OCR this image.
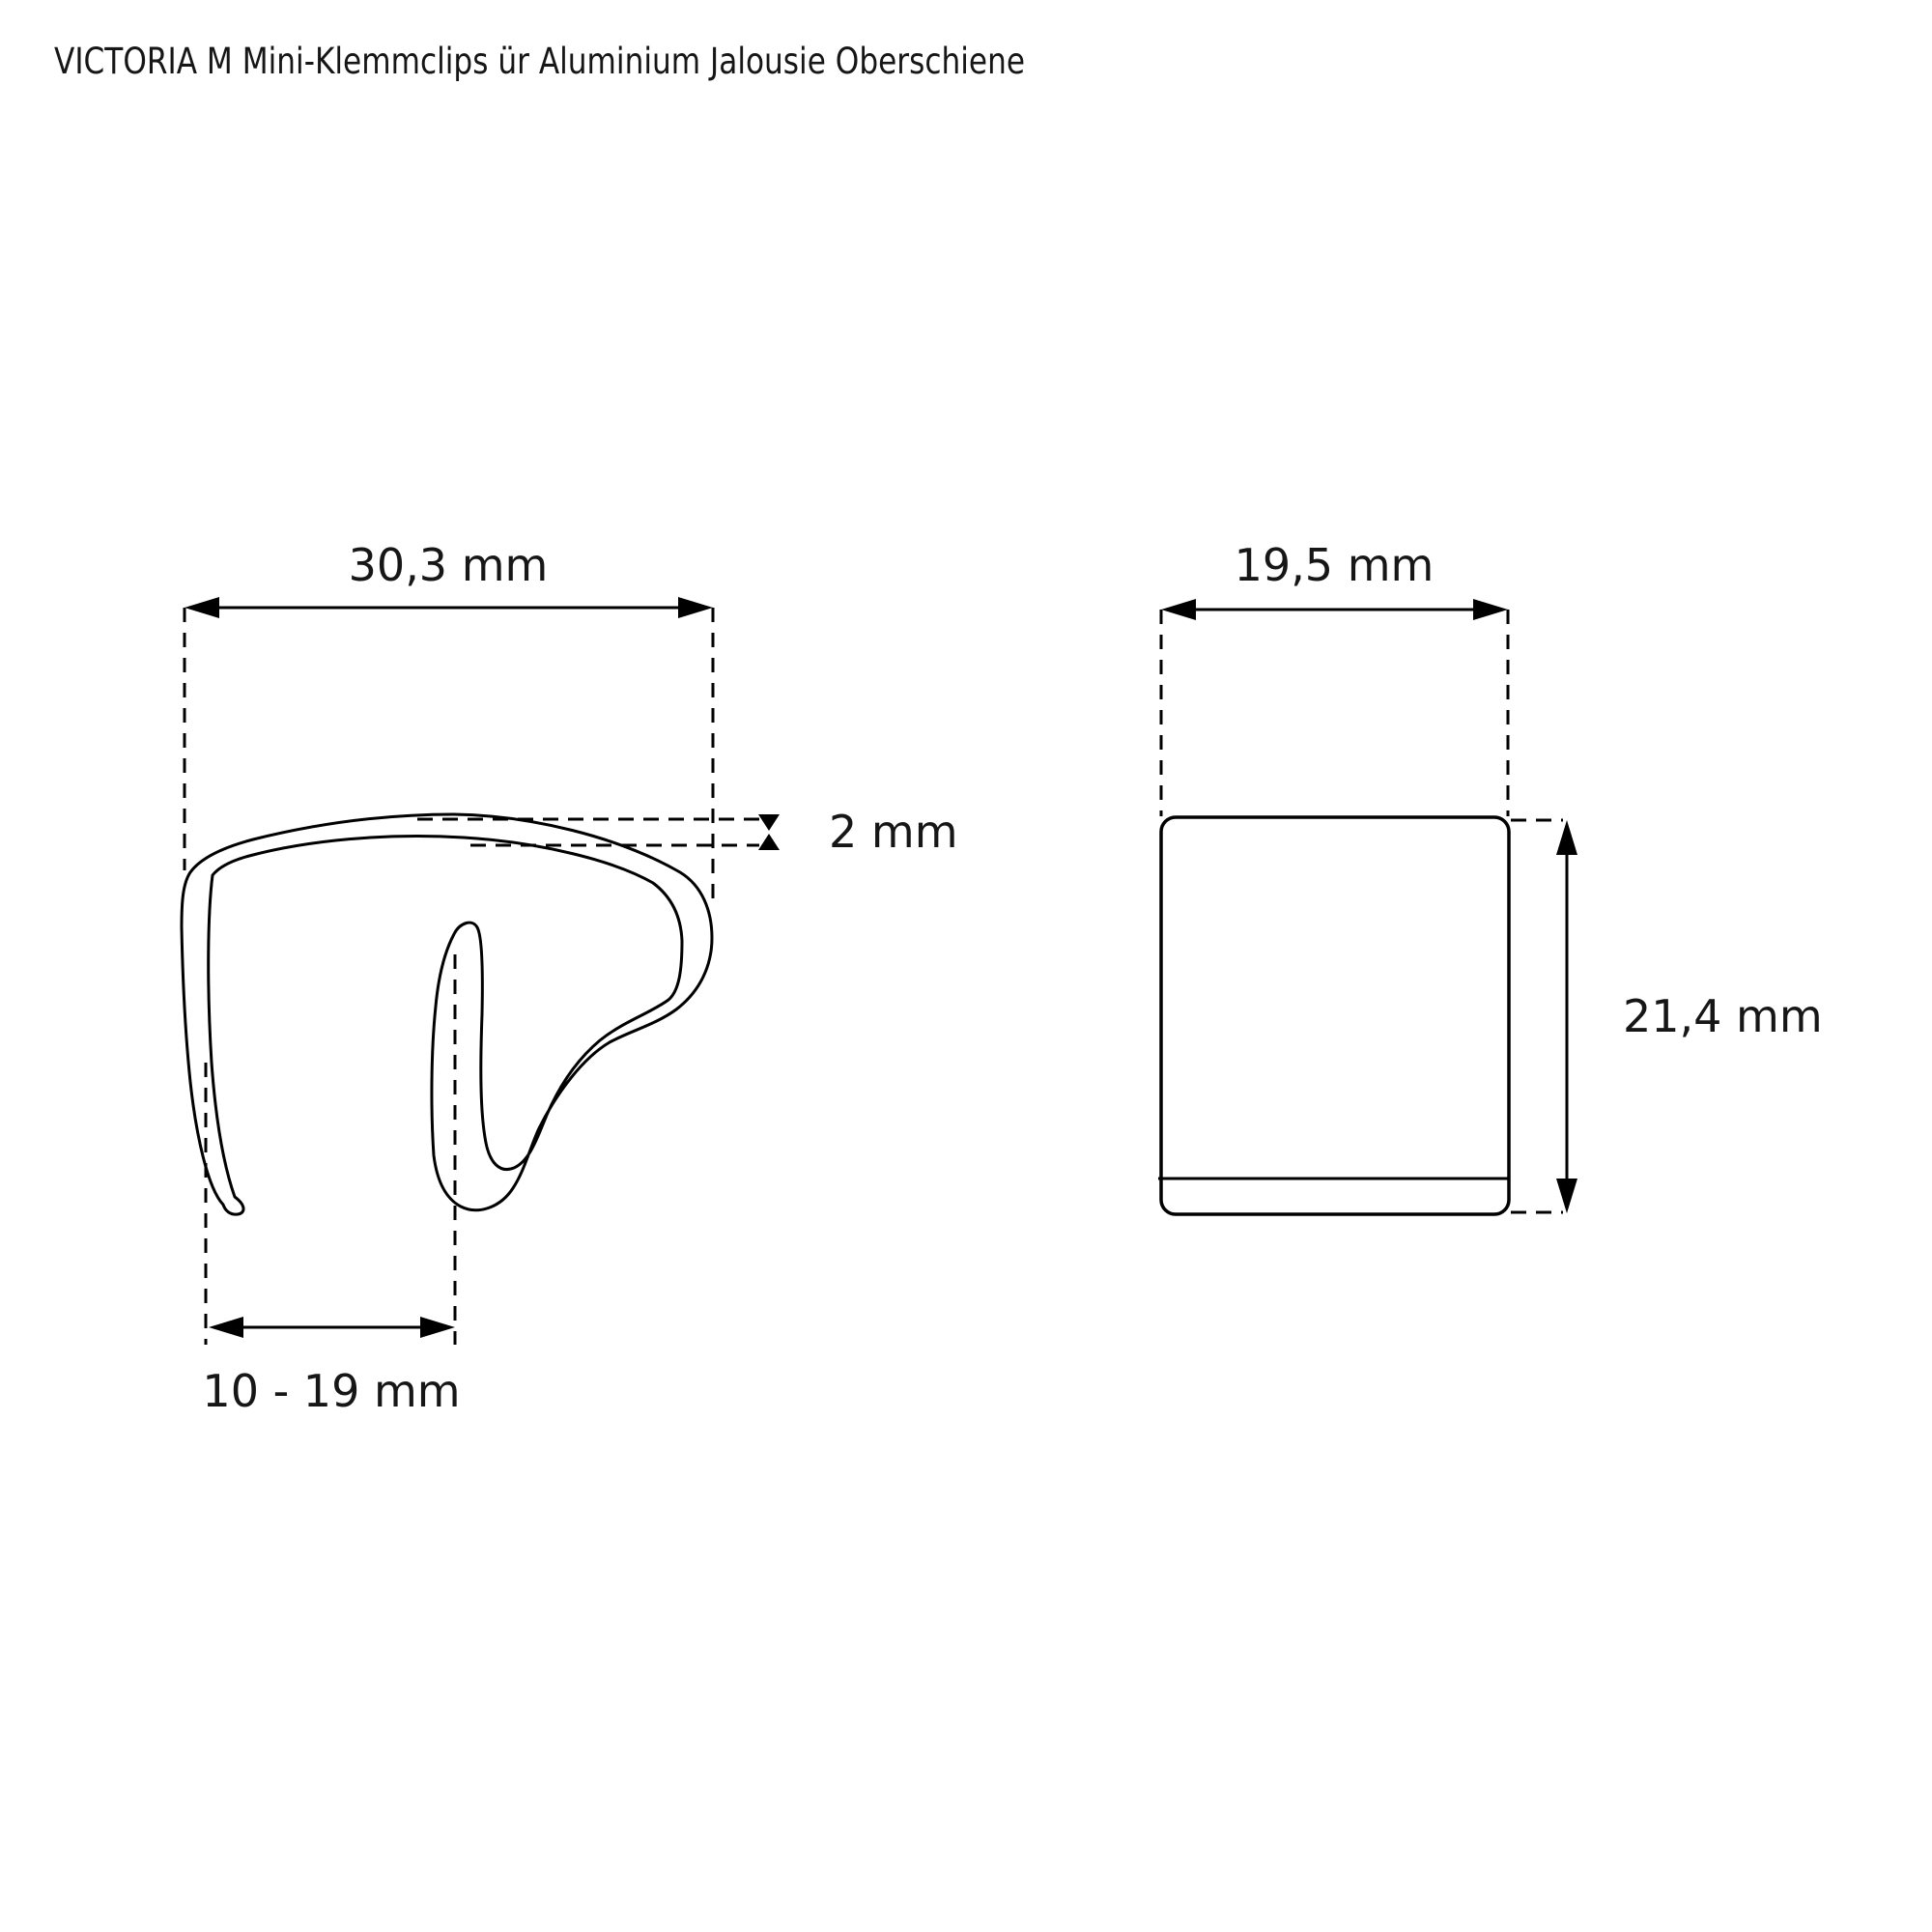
VICTORIA M Mini-Klemmclips ür Aluminium Jalousie Oberschiene
30,3 mm
2 mm
10 - 19 mm
19,5 mm
21,4 mm
